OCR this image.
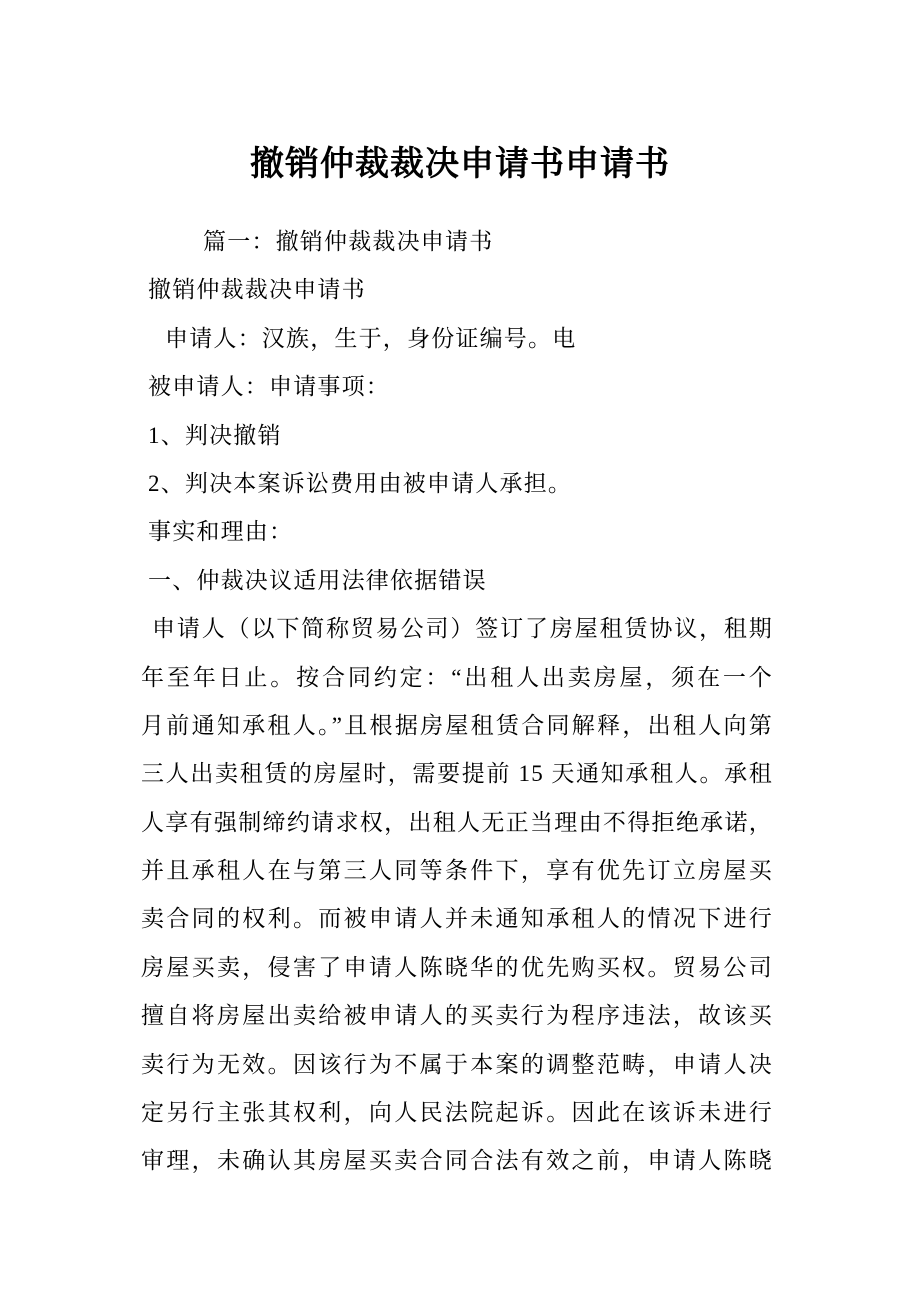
撤销仲裁裁决申请书申请书
篇一：撤销仲裁裁决申请书
撤销仲裁裁决申请书
申请人：汉族，生于，身份证编号。电
被申请人：申请事项：
1、判决撤销
2、判决本案诉讼费用由被申请人承担。
事实和理由：
一、仲裁决议适用法律依据错误
申请人（以下简称贸易公司）签订了房屋租赁协议，租期
年至年日止。按合同约定：“出租人出卖房屋，须在一个
月前通知承租人。”且根据房屋租赁合同解释，出租人向第
三人出卖租赁的房屋时，需要提前 15 天通知承租人。承租
人享有强制缔约请求权，出租人无正当理由不得拒绝承诺，
并且承租人在与第三人同等条件下，享有优先订立房屋买
卖合同的权利。而被申请人并未通知承租人的情况下进行
房屋买卖，侵害了申请人陈晓华的优先购买权。贸易公司
擅自将房屋出卖给被申请人的买卖行为程序违法，故该买
卖行为无效。因该行为不属于本案的调整范畴，申请人决
定另行主张其权利，向人民法院起诉。因此在该诉未进行
审理，未确认其房屋买卖合同合法有效之前，申请人陈晓
